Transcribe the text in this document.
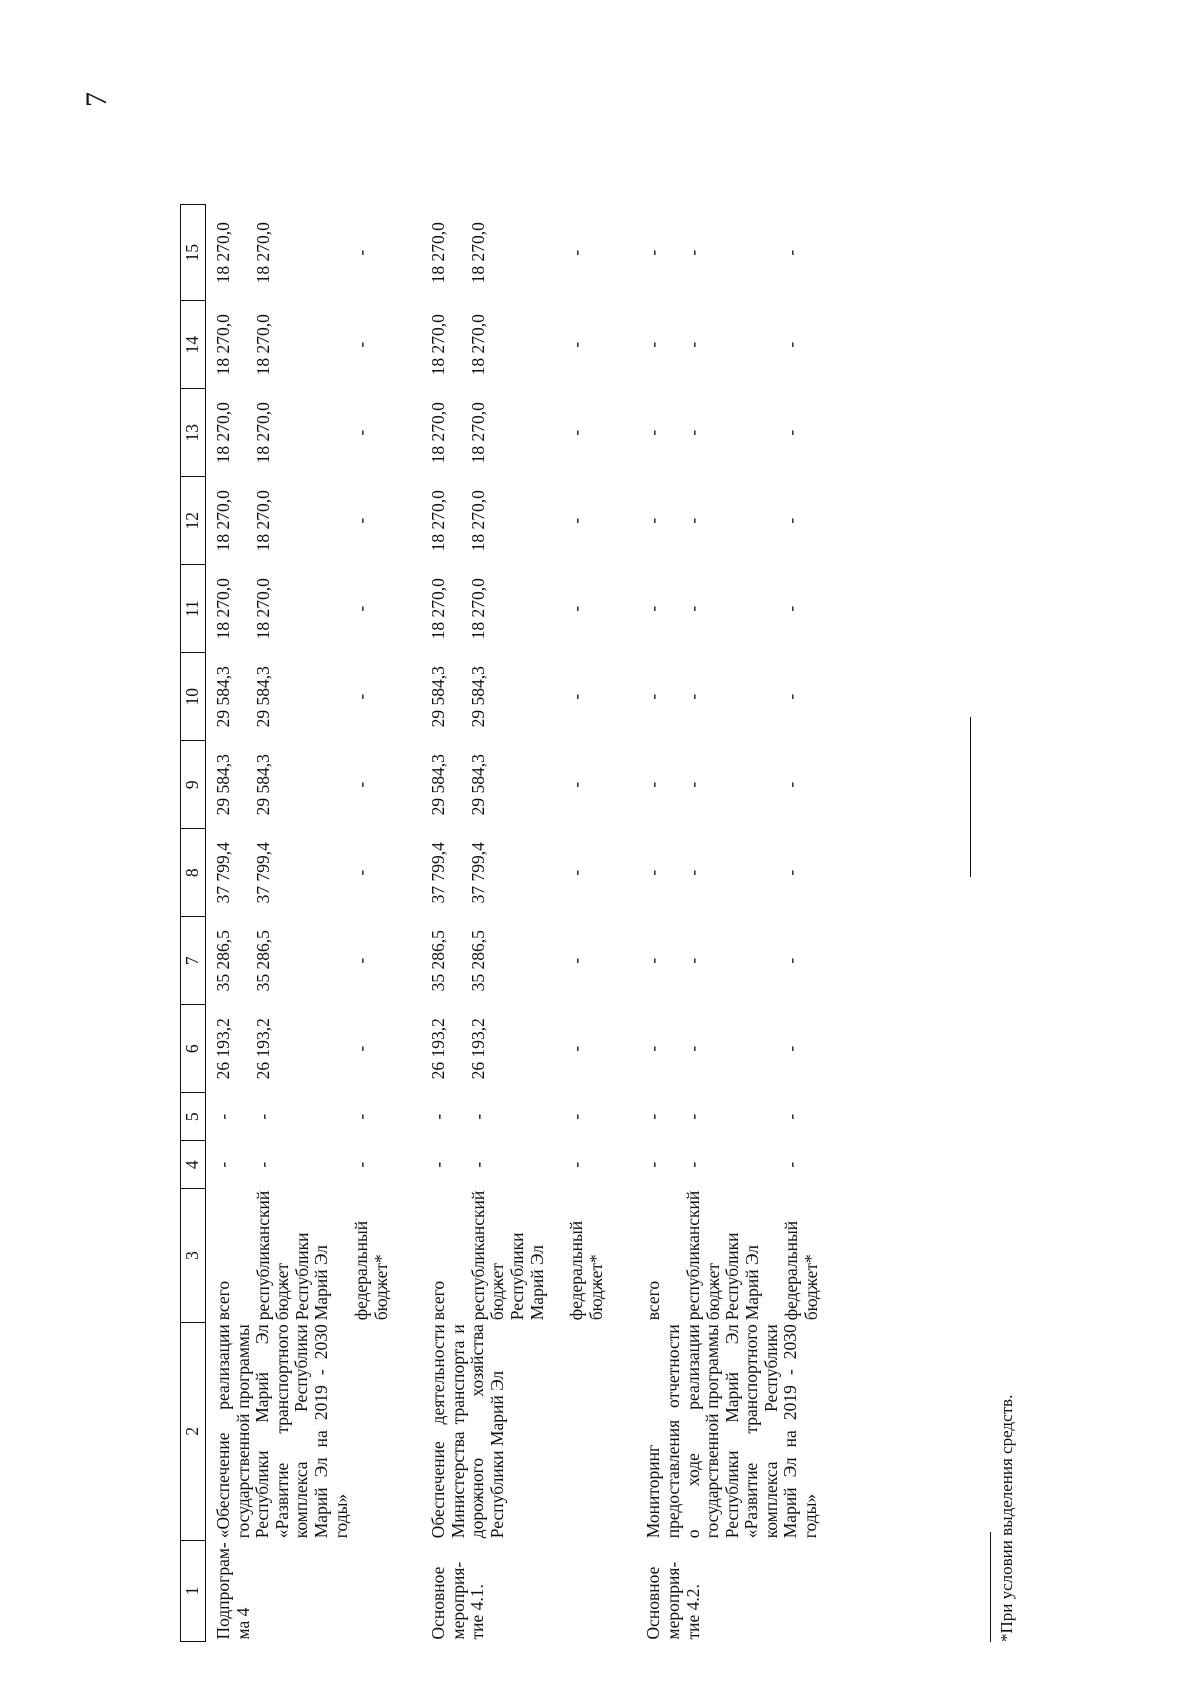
7
1	2	3	4	5	6	7	8	9	10	11	12	13	14	15
Подпрограм-ма 4	«Обеспечение реализации государственной программы Республики Марий Эл «Развитие транспортного комплекса Республики Марий Эл на 2019 - 2030 годы»	всего	-	-	26 193,2	35 286,5	37 799,4	29 584,3	29 584,3	18 270,0	18 270,0	18 270,0	18 270,0	18 270,0
		республиканский бюджет Республики Марий Эл	-	-	26 193,2	35 286,5	37 799,4	29 584,3	29 584,3	18 270,0	18 270,0	18 270,0	18 270,0	18 270,0
		федеральный бюджет*	-	-	-	-	-	-	-	-	-	-	-	-

Основное мероприя-тие 4.1.	Обеспечение деятельности Министерства транспорта и дорожного хозяйства Республики Марий Эл	всего	-	-	26 193,2	35 286,5	37 799,4	29 584,3	29 584,3	18 270,0	18 270,0	18 270,0	18 270,0	18 270,0
		республиканский бюджет Республики Марий Эл	-	-	26 193,2	35 286,5	37 799,4	29 584,3	29 584,3	18 270,0	18 270,0	18 270,0	18 270,0	18 270,0
		федеральный бюджет*	-	-	-	-	-	-	-	-	-	-	-	-

Основное мероприя-тие 4.2.	Мониторинг предоставления отчетности о ходе реализации государственной программы Республики Марий Эл «Развитие транспортного комплекса Республики Марий Эл на 2019 - 2030 годы»	всего	-	-	-	-	-	-	-	-	-	-	-	-
		республиканский бюджет Республики Марий Эл	-	-	-	-	-	-	-	-	-	-	-	-
		федеральный бюджет*	-	-	-	-	-	-	-	-	-	-	-	-
*При условии выделения средств.
